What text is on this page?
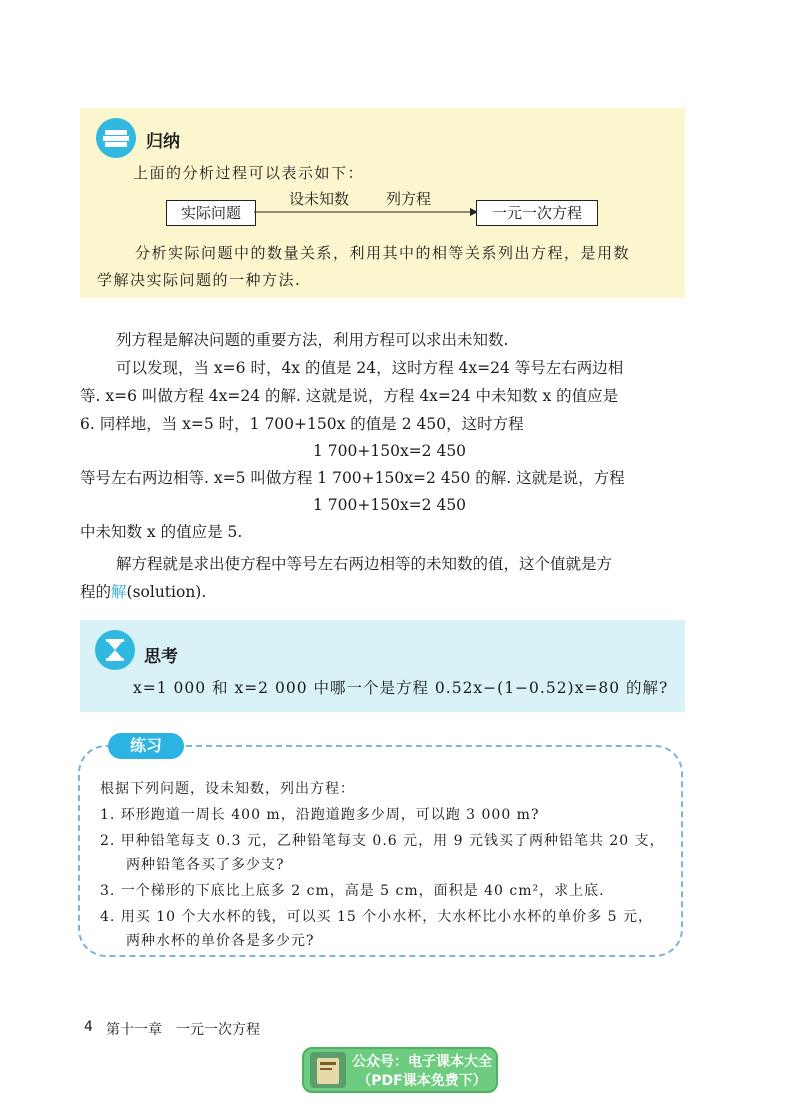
归纳
上面的分析过程可以表示如下：
实际问题
设未知数 列方程
一元一次方程
分析实际问题中的数量关系，利用其中的相等关系列出方程，是用数
学解决实际问题的一种方法.
列方程是解决问题的重要方法，利用方程可以求出未知数.
可以发现，当 x=6 时，4x 的值是 24，这时方程 4x=24 等号左右两边相
等. x=6 叫做方程 4x=24 的解. 这就是说，方程 4x=24 中未知数 x 的值应是
6. 同样地，当 x=5 时，1 700+150x 的值是 2 450，这时方程
1 700+150x=2 450
等号左右两边相等. x=5 叫做方程 1 700+150x=2 450 的解. 这就是说，方程
1 700+150x=2 450
中未知数 x 的值应是 5.
解方程就是求出使方程中等号左右两边相等的未知数的值，这个值就是方
程的解(solution).
思考
x=1 000 和 x=2 000 中哪一个是方程 0.52x−(1−0.52)x=80 的解?
练习
根据下列问题，设未知数，列出方程：
1. 环形跑道一周长 400 m，沿跑道跑多少周，可以跑 3 000 m?
2. 甲种铅笔每支 0.3 元，乙种铅笔每支 0.6 元，用 9 元钱买了两种铅笔共 20 支，
两种铅笔各买了多少支?
3. 一个梯形的下底比上底多 2 cm，高是 5 cm，面积是 40 cm²，求上底.
4. 用买 10 个大水杯的钱，可以买 15 个小水杯，大水杯比小水杯的单价多 5 元，
两种水杯的单价各是多少元?
4 第十一章　一元一次方程
公众号：电子课本大全
（PDF课本免费下）
